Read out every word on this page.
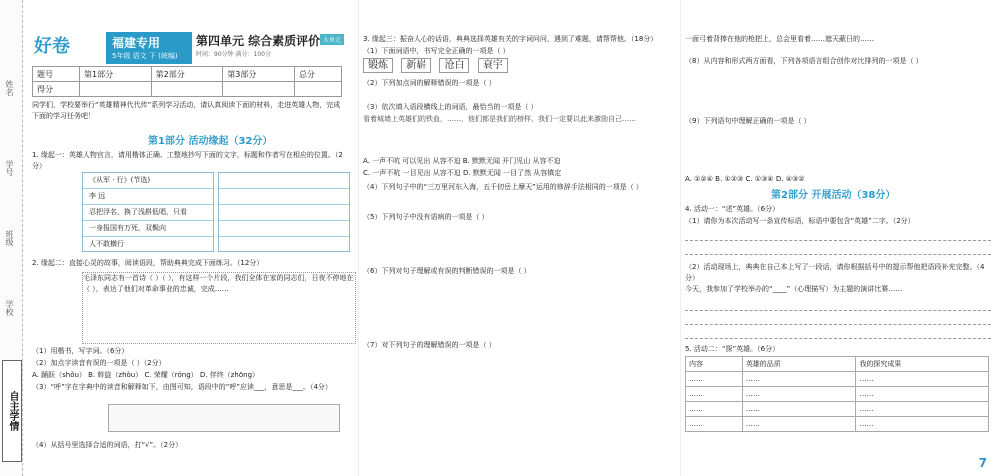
姓名
学号
班级
学校
自主学情
好卷	福建专用
5年级 语文 下 (统编)
第四单元 综合素质评价
时间：90分钟 满分：100分
大单元
题号	第1部分	第2部分	第3部分	总分
得分				
同学们，学校要举行“英雄精神代代传”系列学习活动，请认真阅读下面的材料，走进英雄人物，完成下面的学习任务吧！
第1部分 活动缘起（32分）
1. 缘起一：英雄人物官言，请用楷体正确、工整地抄写下面的文字，标题和作者写在相应的位置。（2分）
《从军 · 行》(节选)
李 远
忍把浮名，换了浅斟低唱，只看
一身报国有万死，双鬓向
人不敢横行
2. 缘起二：直接心灵的故事，阅读语段，帮助典典完成下面练习。（12分）
毛泽东同志有一首诗（ ）（ ），有这样一个片段，我们全体在家的同志们，日夜不停地在（ ），表达了他们对革命事业的忠诚，完成……
（1）用楷书，写字词。（6分）
（2）加点字读音有误的一项是（ ）（2分）
A. 踊跃（shǒu） B. 斡旋（zhòu） C. 荣耀（róng） D. 伴终（zhōng）
（3）“呼”字在字典中的读音和解释如下，由图可知，语段中的“呼”应读___，意思是___。（4分）
（4）从括号里选择合适的词语，打“√”。（2分）
3. 缘起三：振奋人心的话语，典典选择英雄有关的字词问问，遇到了难题，请帮帮他。（18分）
（1）下面词语中，书写完全正确的一项是（ ）
锻炼 新崭 沧白 衰宇
（2）下列加点词的解释错误的一项是（ ）
（3）依次填入语段横线上的词语，最恰当的一项是（ ）
看着城墙上英雄们的铁血，……，他们都是我们的榜样，我们一定要以此来激励自己……
A. 一声不吭 可以见出 从容不迫 B. 默默无闻 开门见山 从容不迫
C. 一声不吭 一目见出 从容不迫 D. 默默无闻 一目了然 从容镇定
（4）下列句子中的“三万里河东入海，五千仞岳上摩天”运用的修辞手法相同的一项是（ ）
（5）下列句子中没有语病的一项是（ ）
（6）下列对句子理解或有误的判断错误的一项是（ ）
（7）对下列句子的理解错误的一项是（ ）
一面弓着背捧在他的枪把上，总会里看着……遮天蔽日的……
（8）从内容和形式两方面看，下列各项语言组合创作对比排列的一项是（ ）
（9）下列语句中理解正确的一项是（ ）
A. ①②④ B. ①②③ C. ①③④ D. ④③②
第2部分 开展活动（38分）
4. 活动一：“述”英雄。（6分）
（1）请你为本次活动写一条宣传标语，标语中要包含“英雄”二字。（2分）
（2）活动现场上，典典在自己本上写了一段话，请你根据括号中的提示帮他把语段补充完整。（4分）
今天，我参加了学校举办的“____”（心理描写）为主题的演讲比赛……
5. 活动二：“探”英雄。（6分）
内容	英雄的品质	我的探究成果
……	……	……
……	……	……
……	……	……
……	……	……
7
